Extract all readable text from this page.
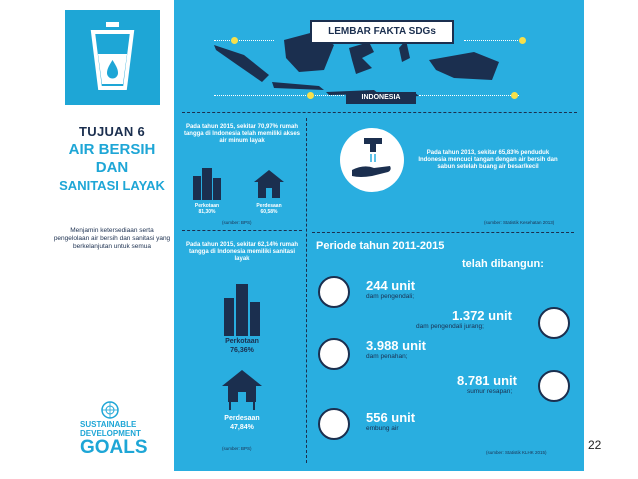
TUJUAN 6
AIR BERSIH
DAN
SANITASI LAYAK
Menjamin ketersediaan serta pengelolaan air bersih dan sanitasi yang berkelanjutan untuk semua
SUSTAINABLE
DEVELOPMENT
GOALS
LEMBAR FAKTA SDGs
INDONESIA
Pada tahun 2015, sekitar 70,97% rumah tangga di Indonesia telah memiliki akses air minum layak
Perkotaan
81,30%
Perdesaan
60,58%
(sumber: BPS)
Pada tahun 2013, sekitar 65,83% penduduk Indonesia mencuci tangan dengan air bersih dan sabun setelah buang air besar/kecil
(sumber: Statistik Kesehatan 2013)
Pada tahun 2015, sekitar 62,14% rumah tangga di Indonesia memiliki sanitasi layak
Perkotaan
76,36%
Perdesaan
47,84%
(sumber: BPS)
Periode tahun 2011-2015
telah dibangun:
244 unit
dam pengendali;
1.372 unit
dam pengendali jurang;
3.988 unit
dam penahan;
8.781 unit
sumur resapan;
556 unit
embung air
(sumber: Statistik KLHK 2015)
22
